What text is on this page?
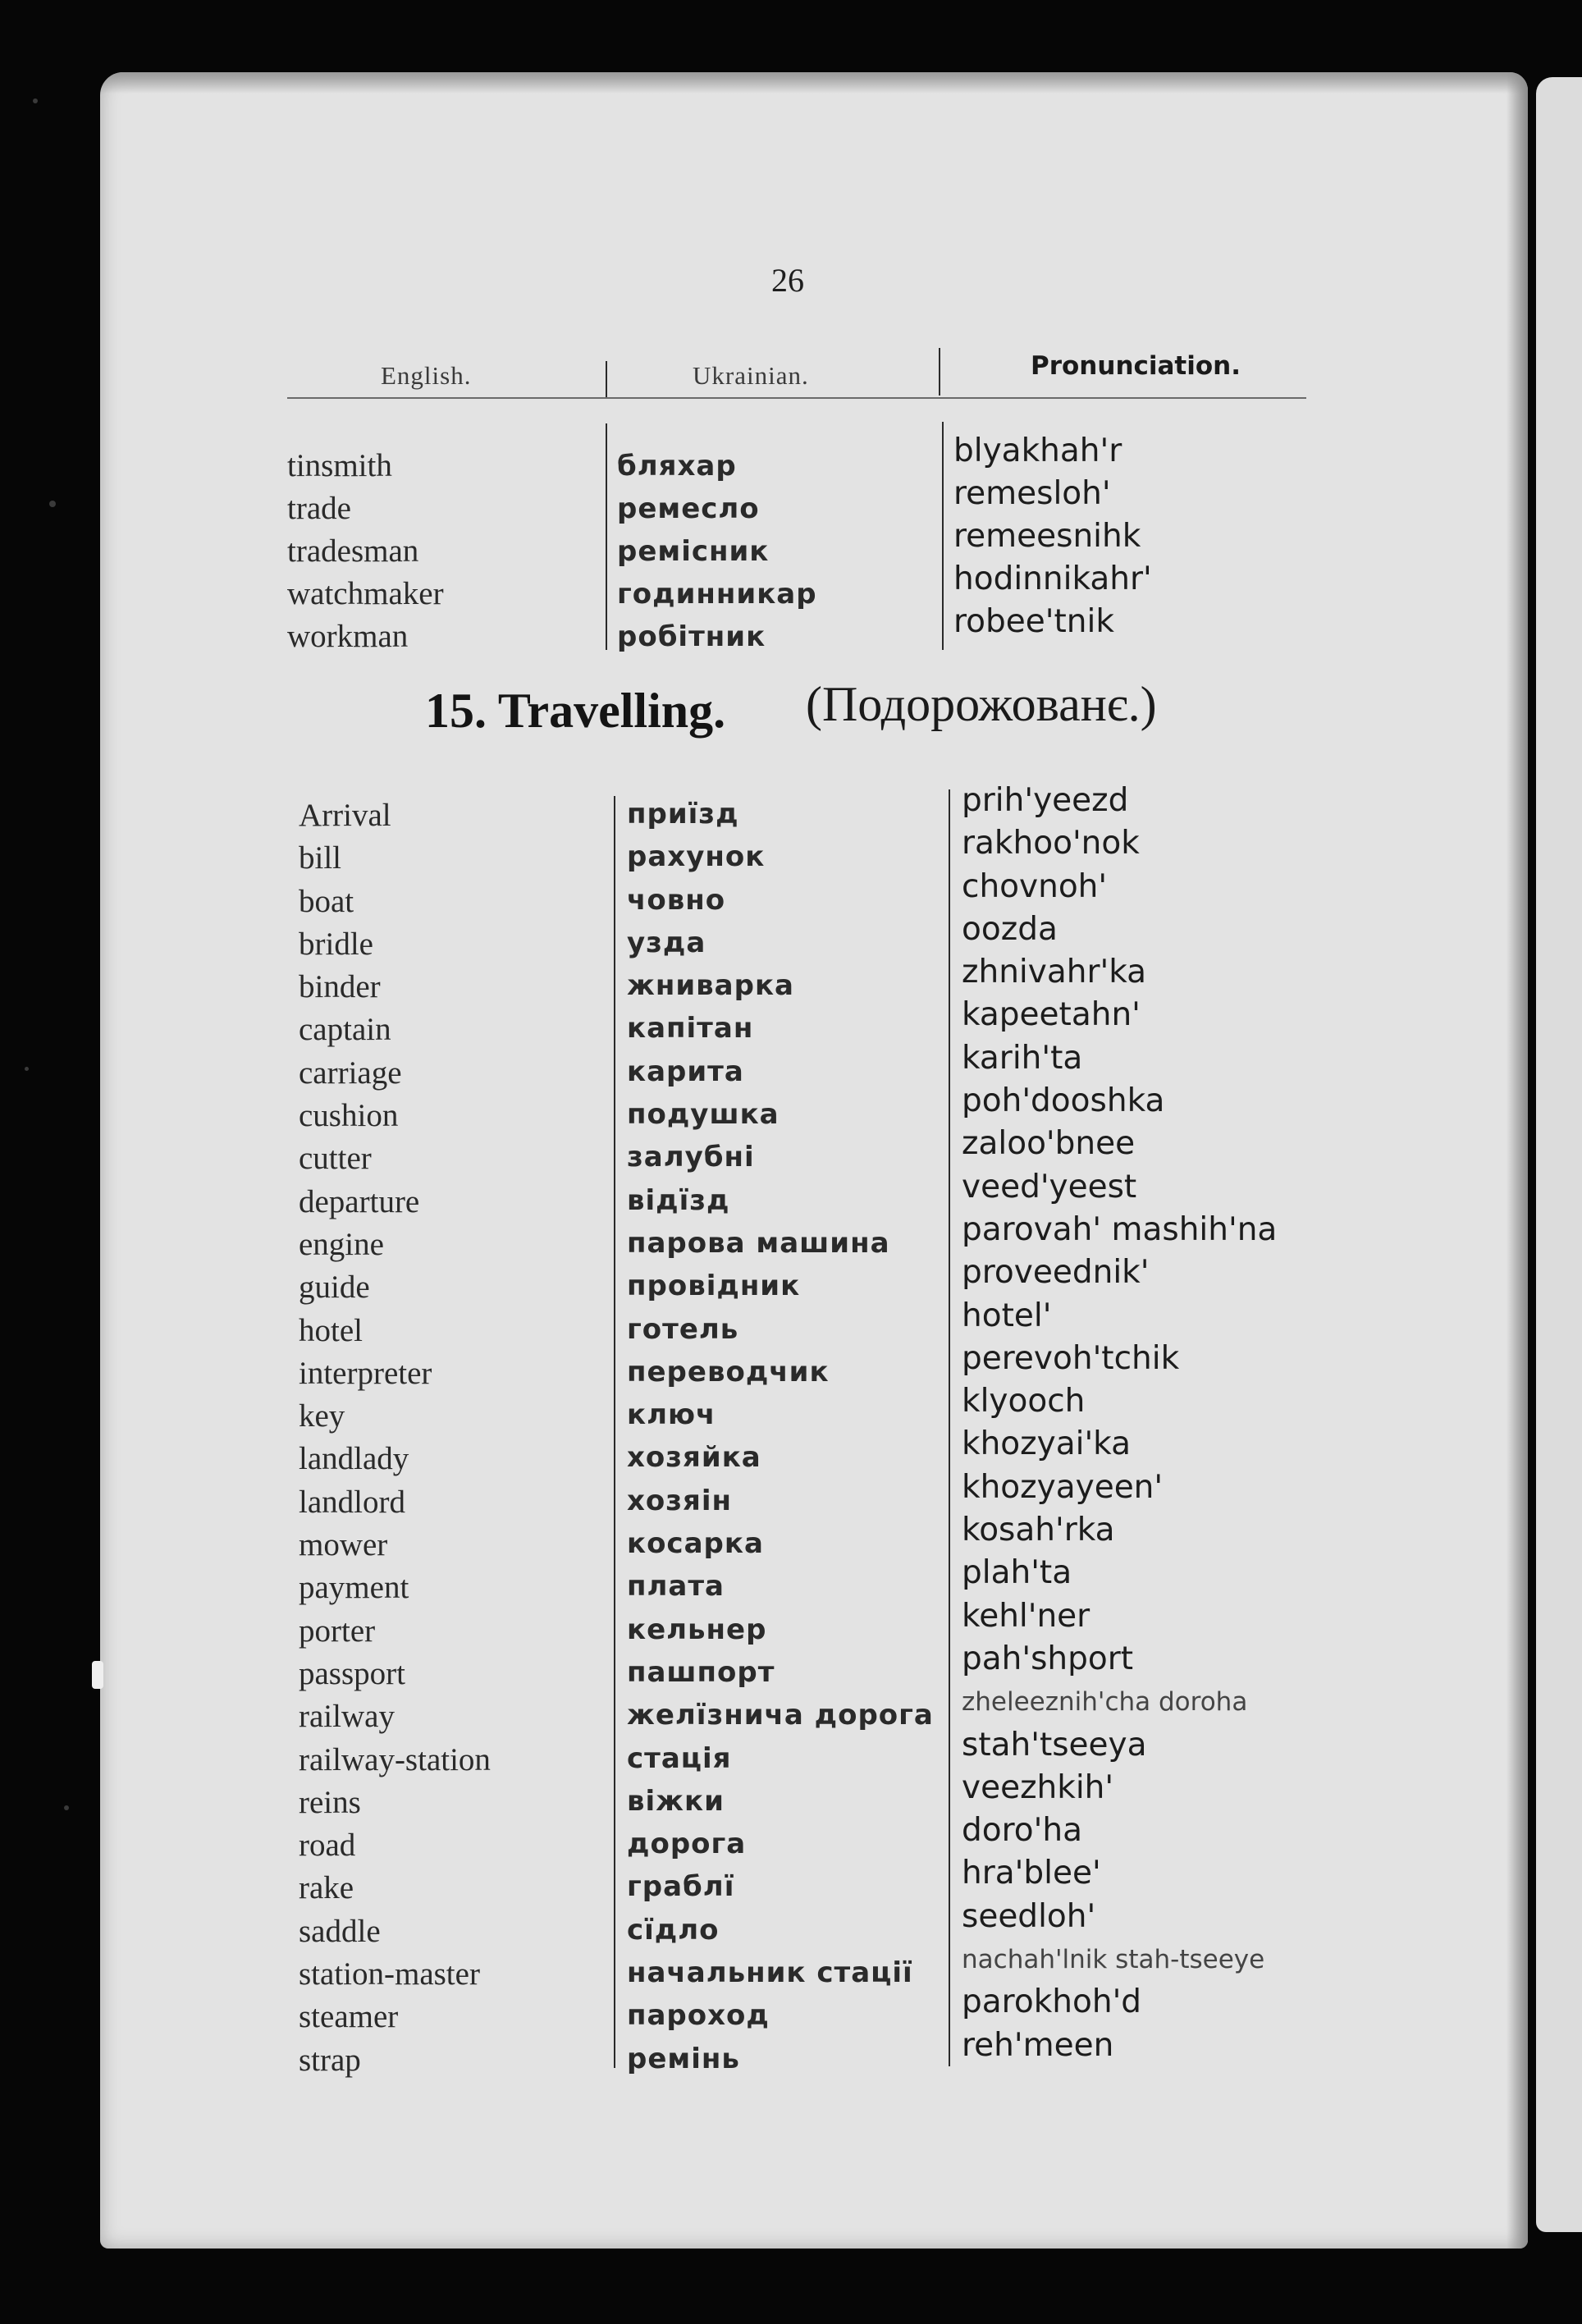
26
English.	Ukrainian.	Pronunciation.
tinsmith
trade
tradesman
watchmaker
workman
бляхар
ремесло
ремісник
годинникар
робітник
blyakhah'r
remesloh'
remeesnihk
hodinnikahr'
robee'tnik
15. Travelling. (Подорожованє.)
Arrival
bill
boat
bridle
binder
captain
carriage
cushion
cutter
departure
engine
guide
hotel
interpreter
key
landlady
landlord
mower
payment
porter
passport
railway
railway-station
reins
road
rake
saddle
station-master
steamer
strap
приїзд
рахунок
човно
узда
жниварка
капітан
карита
подушка
залубні
відїзд
парова машина
провідник
готель
переводчик
ключ
хозяйка
хозяін
косарка
плата
кельнер
пашпорт
желїзнича дорога
стація
віжки
дорога
граблї
сїдло
начальник стації
пароход
ремінь
prih'yeezd
rakhoo'nok
chovnoh'
oozda
zhnivahr'ka
kapeetahn'
karih'ta
poh'dooshka
zaloo'bnee
veed'yeest
parovah' mashih'na
proveednik'
hotel'
perevoh'tchik
klyooch
khozyai'ka
khozyayeen'
kosah'rka
plah'ta
kehl'ner
pah'shport
zheleeznih'cha doroha
stah'tseeya
veezhkih'
doro'ha
hra'blee'
seedloh'
nachah'lnik stah-tseeye
parokhoh'd
reh'meen
